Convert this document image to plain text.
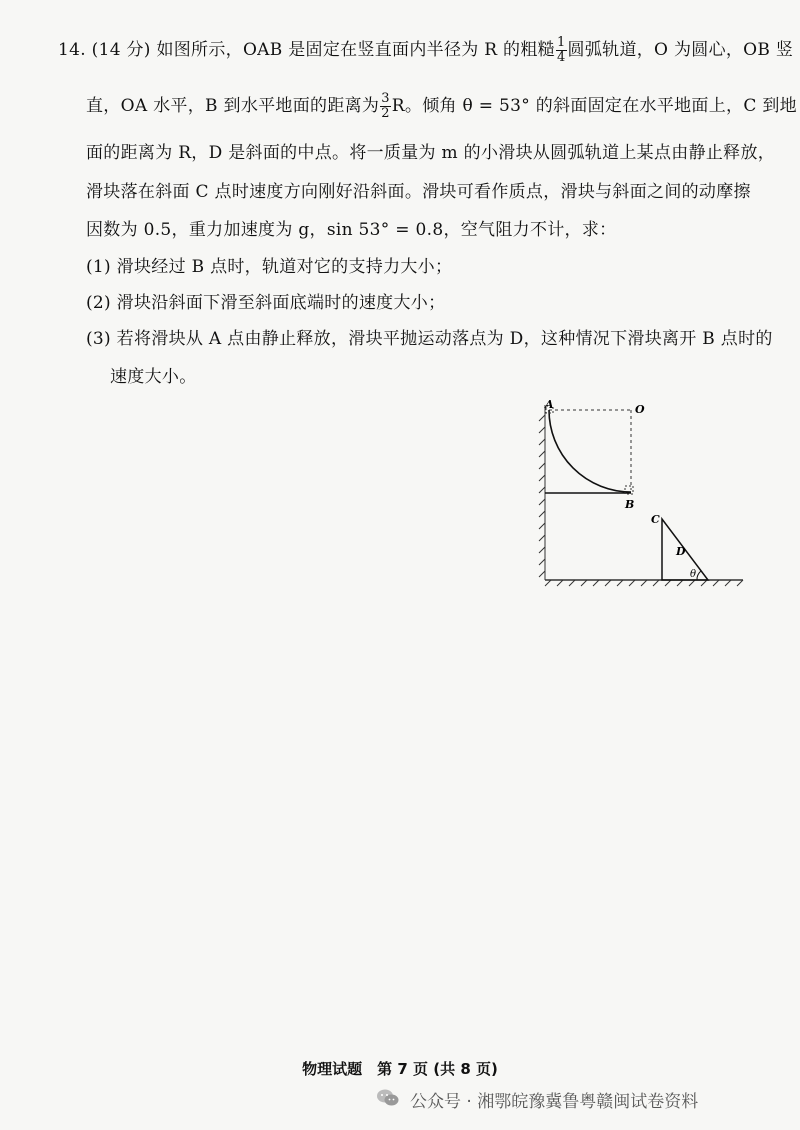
14. (14 分) 如图所示，OAB 是固定在竖直面内半径为 R 的粗糙 $\frac{1}{4}$ 圆弧轨道，O 为圆心，OB 竖
直，OA 水平，B 到水平地面的距离为 $\frac{3}{2}$ R。倾角 θ = 53° 的斜面固定在水平地面上，C 到地
面的距离为 R，D 是斜面的中点。将一质量为 m 的小滑块从圆弧轨道上某点由静止释放，
滑块落在斜面 C 点时速度方向刚好沿斜面。滑块可看作质点，滑块与斜面之间的动摩擦
因数为 0.5，重力加速度为 g，sin 53° = 0.8，空气阻力不计，求：
(1) 滑块经过 B 点时，轨道对它的支持力大小；
(2) 滑块沿斜面下滑至斜面底端时的速度大小；
(3) 若将滑块从 A 点由静止释放，滑块平抛运动落点为 D，这种情况下滑块离开 B 点时的
速度大小。
A	O
B
C
D
θ
物理试题　第 7 页 (共 8 页)
公众号 · 湘鄂皖豫冀鲁粤赣闽试卷资料
